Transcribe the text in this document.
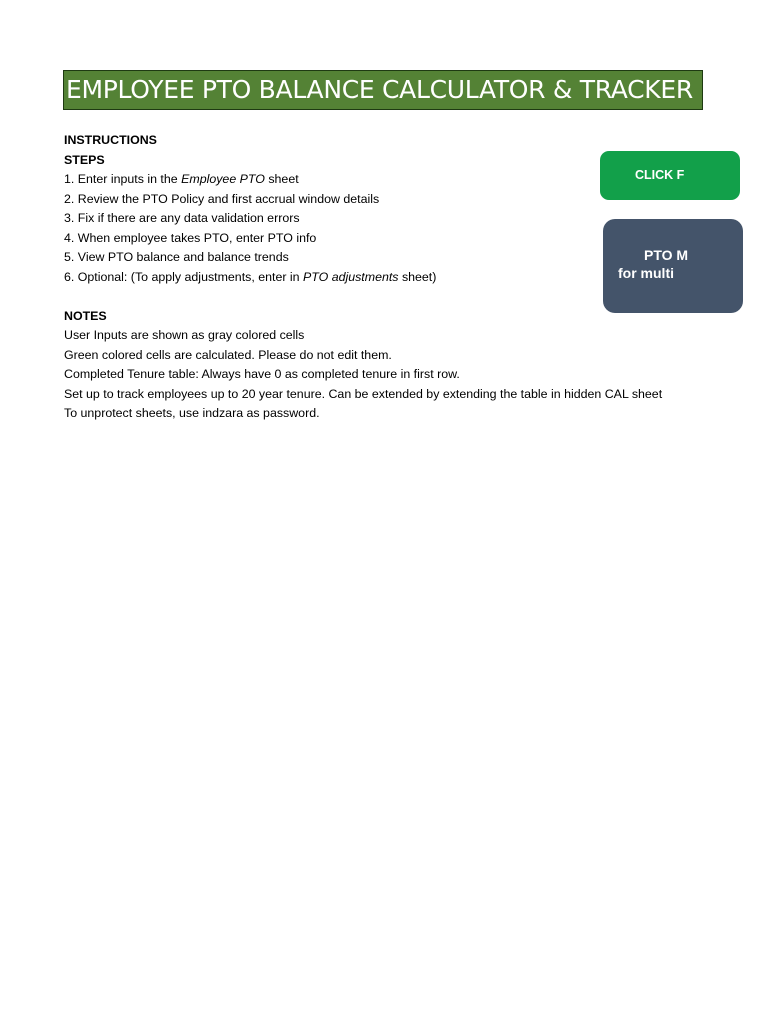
EMPLOYEE PTO BALANCE CALCULATOR & TRACKER
INSTRUCTIONS
STEPS
1. Enter inputs in the Employee PTO sheet
2. Review the PTO Policy and first accrual window details
3. Fix if there are any data validation errors
4. When employee takes PTO, enter PTO info
5. View PTO balance and balance trends
6. Optional: (To apply adjustments, enter in PTO adjustments sheet)
NOTES
User Inputs are shown as gray colored cells
Green colored cells are calculated. Please do not edit them.
Completed Tenure table: Always have 0 as completed tenure in first row.
Set up to track employees up to 20 year tenure. Can be extended by extending the table in hidden CAL sheet
To unprotect sheets, use indzara as password.
CLICK F
PTO M
for multi
